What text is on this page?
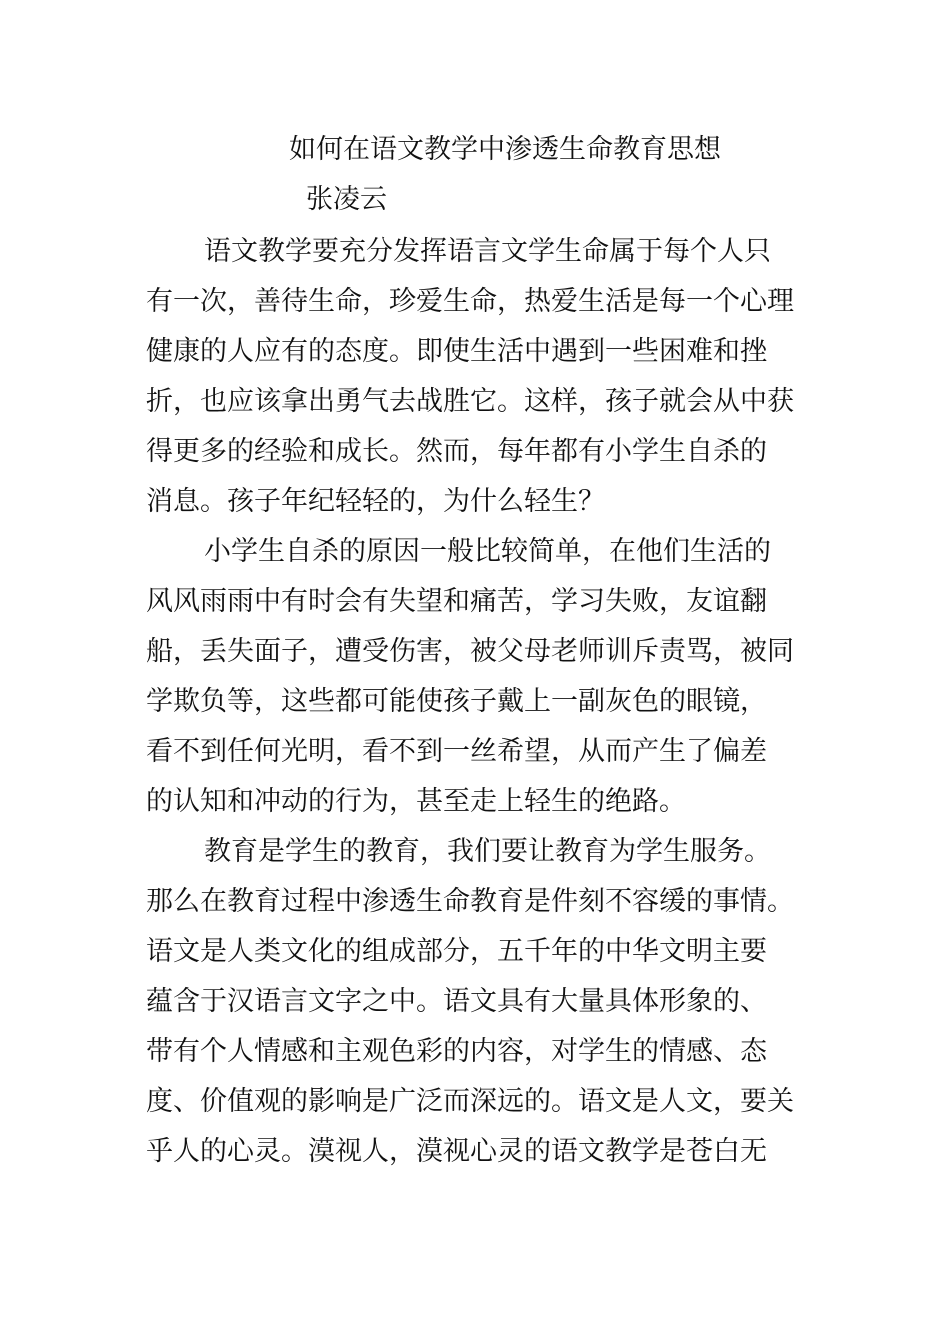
如何在语文教学中渗透生命教育思想
张凌云

语文教学要充分发挥语言文学生命属于每个人只

有一次，善待生命，珍爱生命，热爱生活是每一个心理

健康的人应有的态度。即使生活中遇到一些困难和挫

折，也应该拿出勇气去战胜它。这样，孩子就会从中获

得更多的经验和成长。然而，每年都有小学生自杀的

消息。孩子年纪轻轻的，为什么轻生？

小学生自杀的原因一般比较简单，在他们生活的

风风雨雨中有时会有失望和痛苦，学习失败，友谊翻

船，丢失面子，遭受伤害，被父母老师训斥责骂，被同

学欺负等，这些都可能使孩子戴上一副灰色的眼镜，

看不到任何光明，看不到一丝希望，从而产生了偏差

的认知和冲动的行为，甚至走上轻生的绝路。

教育是学生的教育，我们要让教育为学生服务。

那么在教育过程中渗透生命教育是件刻不容缓的事情。

语文是人类文化的组成部分，五千年的中华文明主要

蕴含于汉语言文字之中。语文具有大量具体形象的、

带有个人情感和主观色彩的内容，对学生的情感、态

度、价值观的影响是广泛而深远的。语文是人文，要关

乎人的心灵。漠视人，漠视心灵的语文教学是苍白无
